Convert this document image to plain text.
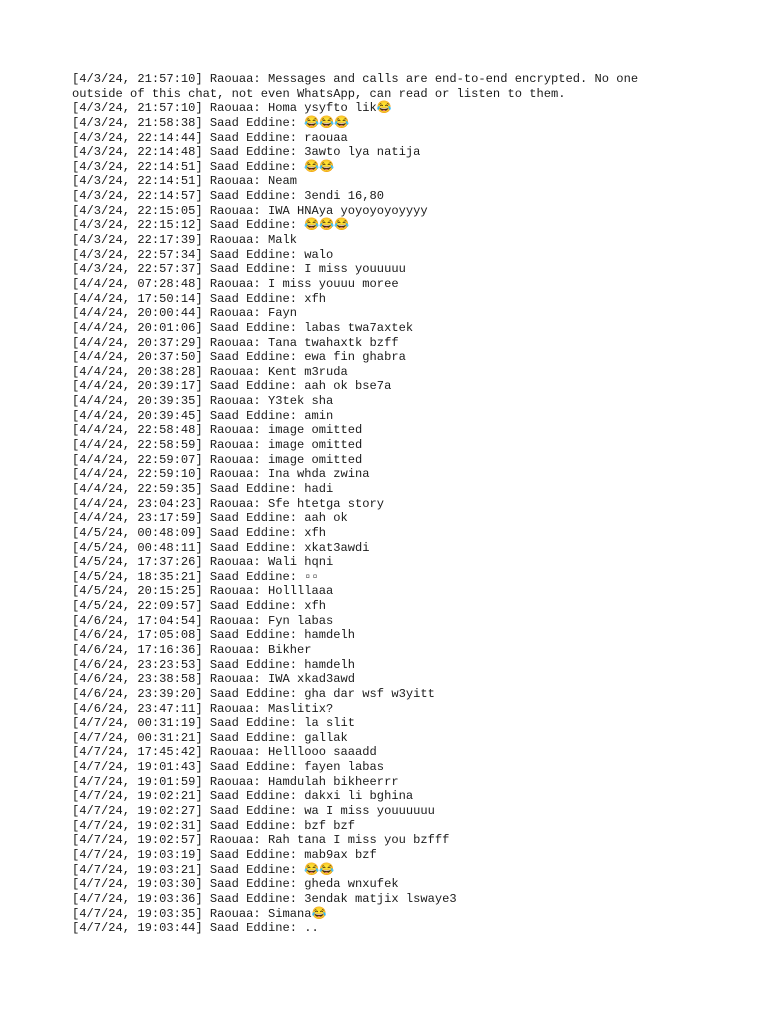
[4/3/24, 21:57:10] Raouaa: Messages and calls are end-to-end encrypted. No one
outside of this chat, not even WhatsApp, can read or listen to them.
[4/3/24, 21:57:10] Raouaa: Homa ysyfto lik😂
[4/3/24, 21:58:38] Saad Eddine: 😂😂😂
[4/3/24, 22:14:44] Saad Eddine: raouaa
[4/3/24, 22:14:48] Saad Eddine: 3awto lya natija
[4/3/24, 22:14:51] Saad Eddine: 😂😂
[4/3/24, 22:14:51] Raouaa: Neam
[4/3/24, 22:14:57] Saad Eddine: 3endi 16,80
[4/3/24, 22:15:05] Raouaa: IWA HNAya yoyoyoyoyyyy
[4/3/24, 22:15:12] Saad Eddine: 😂😂😂
[4/3/24, 22:17:39] Raouaa: Malk
[4/3/24, 22:57:34] Saad Eddine: walo
[4/3/24, 22:57:37] Saad Eddine: I miss youuuuu
[4/4/24, 07:28:48] Raouaa: I miss youuu moree
[4/4/24, 17:50:14] Saad Eddine: xfh
[4/4/24, 20:00:44] Raouaa: Fayn
[4/4/24, 20:01:06] Saad Eddine: labas twa7axtek
[4/4/24, 20:37:29] Raouaa: Tana twahaxtk bzff
[4/4/24, 20:37:50] Saad Eddine: ewa fin ghabra
[4/4/24, 20:38:28] Raouaa: Kent m3ruda
[4/4/24, 20:39:17] Saad Eddine: aah ok bse7a
[4/4/24, 20:39:35] Raouaa: Y3tek sha
[4/4/24, 20:39:45] Saad Eddine: amin
[4/4/24, 22:58:48] Raouaa: image omitted
[4/4/24, 22:58:59] Raouaa: image omitted
[4/4/24, 22:59:07] Raouaa: image omitted
[4/4/24, 22:59:10] Raouaa: Ina whda zwina
[4/4/24, 22:59:35] Saad Eddine: hadi
[4/4/24, 23:04:23] Raouaa: Sfe htetga story
[4/4/24, 23:17:59] Saad Eddine: aah ok
[4/5/24, 00:48:09] Saad Eddine: xfh
[4/5/24, 00:48:11] Saad Eddine: xkat3awdi
[4/5/24, 17:37:26] Raouaa: Wali hqni
[4/5/24, 18:35:21] Saad Eddine: ▫▫
[4/5/24, 20:15:25] Raouaa: Hollllaaa
[4/5/24, 22:09:57] Saad Eddine: xfh
[4/6/24, 17:04:54] Raouaa: Fyn labas
[4/6/24, 17:05:08] Saad Eddine: hamdelh
[4/6/24, 17:16:36] Raouaa: Bikher
[4/6/24, 23:23:53] Saad Eddine: hamdelh
[4/6/24, 23:38:58] Raouaa: IWA xkad3awd
[4/6/24, 23:39:20] Saad Eddine: gha dar wsf w3yitt
[4/6/24, 23:47:11] Raouaa: Maslitix?
[4/7/24, 00:31:19] Saad Eddine: la slit
[4/7/24, 00:31:21] Saad Eddine: gallak
[4/7/24, 17:45:42] Raouaa: Helllooo saaadd
[4/7/24, 19:01:43] Saad Eddine: fayen labas
[4/7/24, 19:01:59] Raouaa: Hamdulah bikheerrr
[4/7/24, 19:02:21] Saad Eddine: dakxi li bghina
[4/7/24, 19:02:27] Saad Eddine: wa I miss youuuuuu
[4/7/24, 19:02:31] Saad Eddine: bzf bzf
[4/7/24, 19:02:57] Raouaa: Rah tana I miss you bzfff
[4/7/24, 19:03:19] Saad Eddine: mab9ax bzf
[4/7/24, 19:03:21] Saad Eddine: 😂😂
[4/7/24, 19:03:30] Saad Eddine: gheda wnxufek
[4/7/24, 19:03:36] Saad Eddine: 3endak matjix lswaye3
[4/7/24, 19:03:35] Raouaa: Simana😂
[4/7/24, 19:03:44] Saad Eddine: ..
